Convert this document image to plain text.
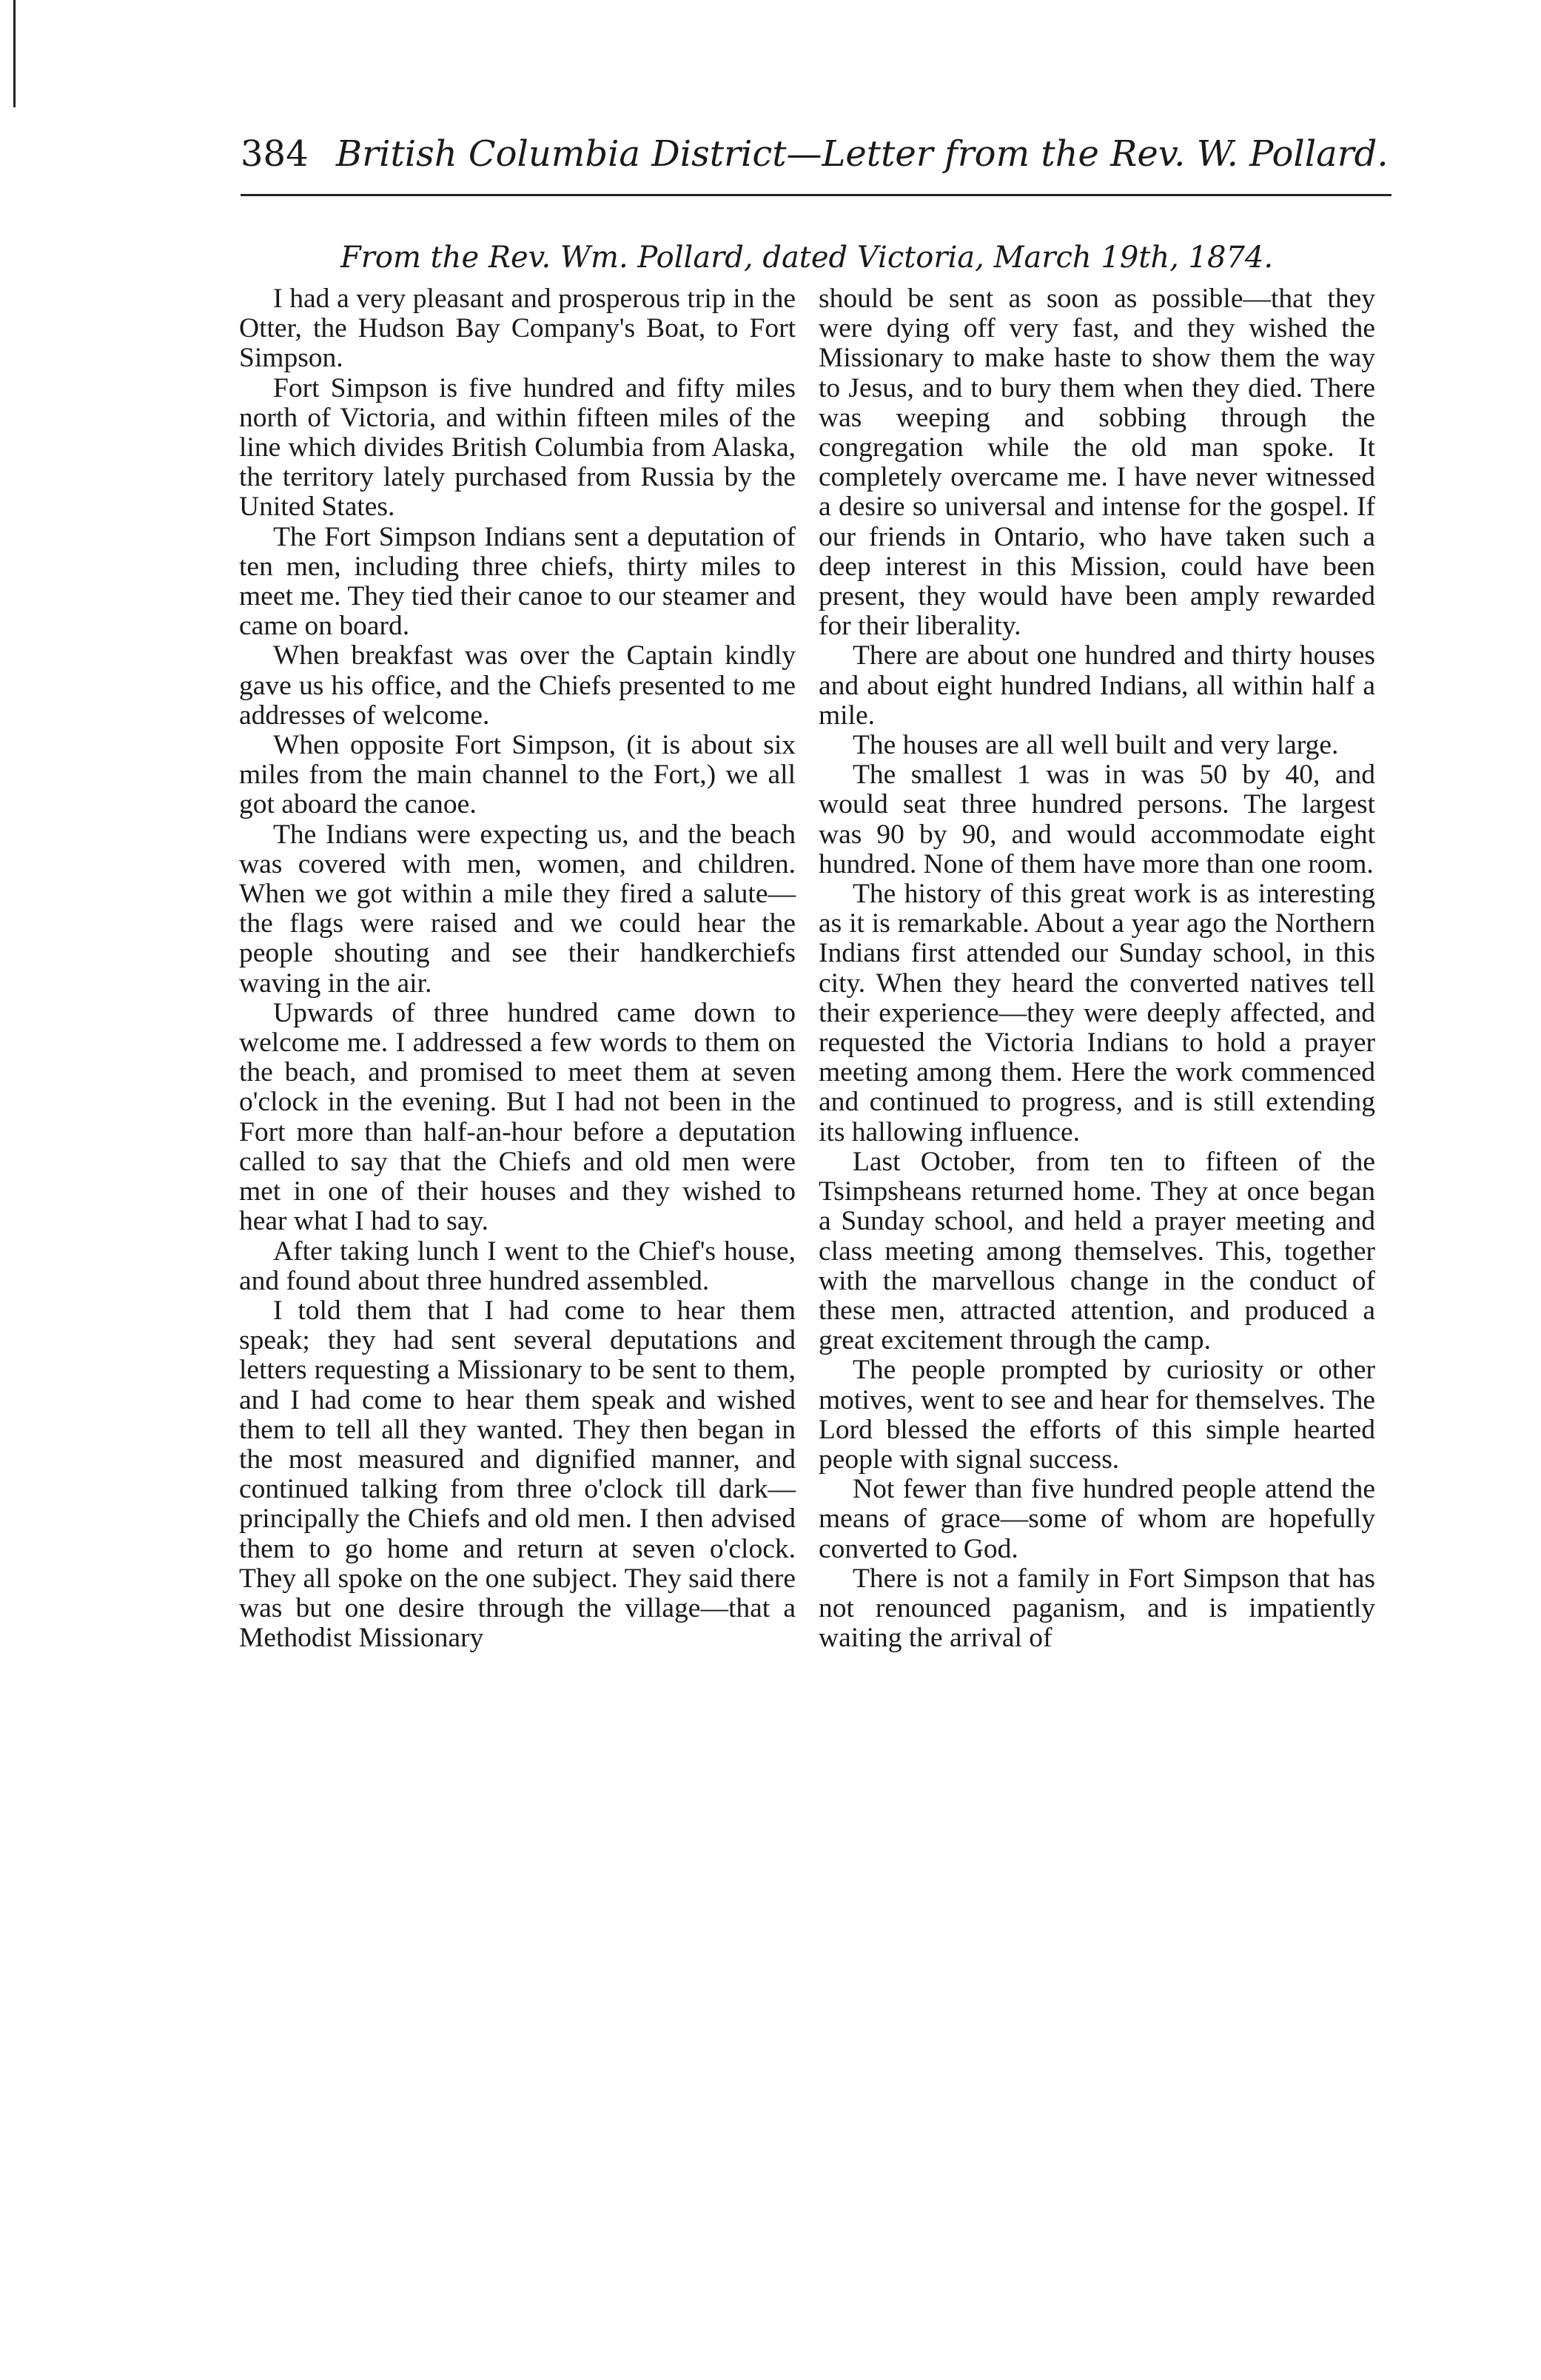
384 British Columbia District—Letter from the Rev. W. Pollard.
From the Rev. Wm. Pollard, dated Victoria, March 19th, 1874.

I had a very pleasant and prosperous trip in the Otter, the Hudson Bay Company's Boat, to Fort Simpson.

Fort Simpson is five hundred and fifty miles north of Victoria, and within fifteen miles of the line which divides British Columbia from Alaska, the territory lately purchased from Russia by the United States.

The Fort Simpson Indians sent a deputation of ten men, including three chiefs, thirty miles to meet me. They tied their canoe to our steamer and came on board.

When breakfast was over the Captain kindly gave us his office, and the Chiefs presented to me addresses of welcome.

When opposite Fort Simpson, (it is about six miles from the main channel to the Fort,) we all got aboard the canoe.

The Indians were expecting us, and the beach was covered with men, women, and children. When we got within a mile they fired a salute—the flags were raised and we could hear the people shouting and see their handkerchiefs waving in the air.

Upwards of three hundred came down to welcome me. I addressed a few words to them on the beach, and promised to meet them at seven o'clock in the evening. But I had not been in the Fort more than half-an-hour before a deputation called to say that the Chiefs and old men were met in one of their houses and they wished to hear what I had to say.

After taking lunch I went to the Chief's house, and found about three hundred assembled.

I told them that I had come to hear them speak; they had sent several deputations and letters requesting a Missionary to be sent to them, and I had come to hear them speak and wished them to tell all they wanted. They then began in the most measured and dignified manner, and continued talking from three o'clock till dark—principally the Chiefs and old men. I then advised them to go home and return at seven o'clock. They all spoke on the one subject. They said there was but one desire through the village—that a Methodist Missionary

should be sent as soon as possible—that they were dying off very fast, and they wished the Missionary to make haste to show them the way to Jesus, and to bury them when they died. There was weeping and sobbing through the congregation while the old man spoke. It completely overcame me. I have never witnessed a desire so universal and intense for the gospel. If our friends in Ontario, who have taken such a deep interest in this Mission, could have been present, they would have been amply rewarded for their liberality.

There are about one hundred and thirty houses and about eight hundred Indians, all within half a mile.

The houses are all well built and very large.

The smallest 1 was in was 50 by 40, and would seat three hundred persons. The largest was 90 by 90, and would accommodate eight hundred. None of them have more than one room.

The history of this great work is as interesting as it is remarkable. About a year ago the Northern Indians first attended our Sunday school, in this city. When they heard the converted natives tell their experience—they were deeply affected, and requested the Victoria Indians to hold a prayer meeting among them. Here the work commenced and continued to progress, and is still extending its hallowing influence.

Last October, from ten to fifteen of the Tsimpsheans returned home. They at once began a Sunday school, and held a prayer meeting and class meeting among themselves. This, together with the marvellous change in the conduct of these men, attracted attention, and produced a great excitement through the camp.

The people prompted by curiosity or other motives, went to see and hear for themselves. The Lord blessed the efforts of this simple hearted people with signal success.

Not fewer than five hundred people attend the means of grace—some of whom are hopefully converted to God.

There is not a family in Fort Simpson that has not renounced paganism, and is impatiently waiting the arrival of
